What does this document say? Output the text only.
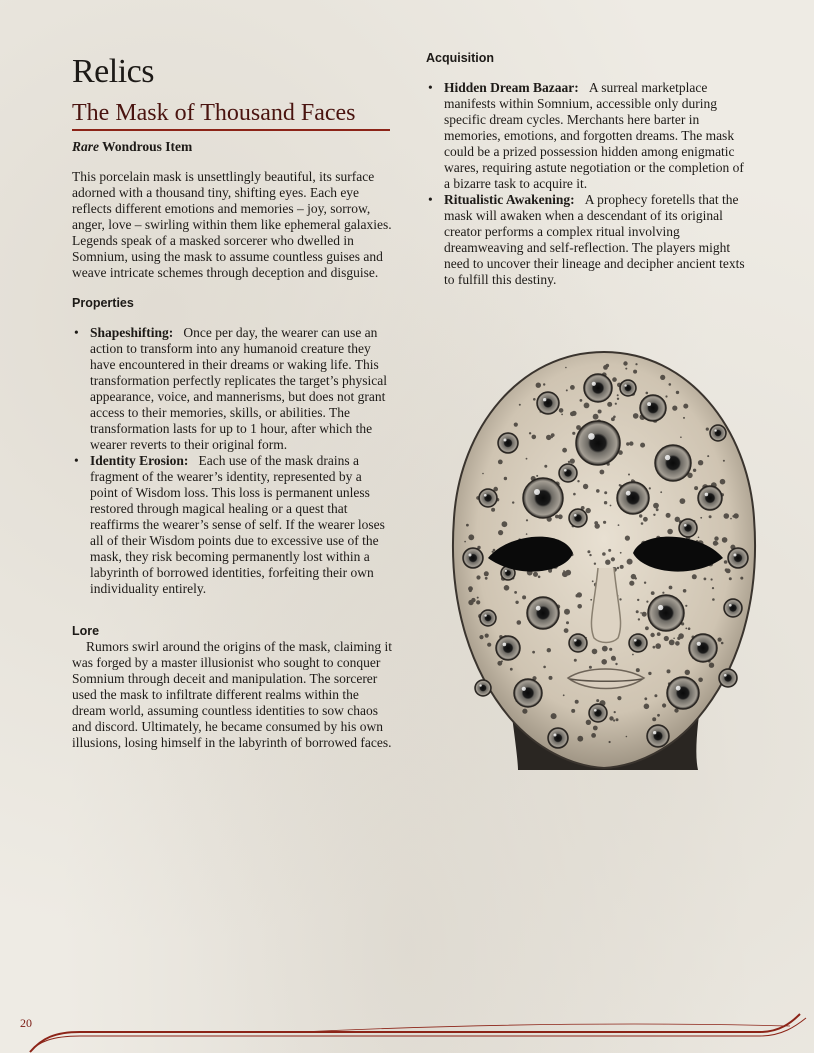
Relics
The Mask of Thousand Faces
Rare Wondrous Item

This porcelain mask is unsettlingly beautiful, its surface adorned with a thousand tiny, shifting eyes. Each eye reflects different emotions and memories – joy, sorrow, anger, love – swirling within them like ephemeral galaxies. Legends speak of a masked sorcerer who dwelled in Somnium, using the mask to assume countless guises and weave intricate schemes through deception and disguise.

Properties
• Shapeshifting: Once per day, the wearer can use an action to transform into any humanoid creature they have encountered in their dreams or waking life. This transformation perfectly replicates the target’s physical appearance, voice, and mannerisms, but does not grant access to their memories, skills, or abilities. The transformation lasts for up to 1 hour, after which the wearer reverts to their original form.
• Identity Erosion: Each use of the mask drains a fragment of the wearer’s identity, represented by a point of Wisdom loss. This loss is permanent unless restored through magical healing or a quest that reaffirms the wearer’s sense of self. If the wearer loses all of their Wisdom points due to excessive use of the mask, they risk becoming permanently lost within a labyrinth of borrowed identities, forfeiting their own individuality entirely.
Lore

Rumors swirl around the origins of the mask, claiming it was forged by a master illusionist who sought to conquer Somnium through deceit and manipulation. The sorcerer used the mask to infiltrate different realms within the dream world, assuming countless identities to sow chaos and discord. Ultimately, he became consumed by his own illusions, losing himself in the labyrinth of borrowed faces.

Acquisition
• Hidden Dream Bazaar: A surreal marketplace manifests within Somnium, accessible only during specific dream cycles. Merchants here barter in memories, emotions, and forgotten dreams. The mask could be a prized possession hidden among enigmatic wares, requiring astute negotiation or the completion of a bizarre task to acquire it.
• Ritualistic Awakening: A prophecy foretells that the mask will awaken when a descendant of its original creator performs a complex ritual involving dreamweaving and self-reflection. The players might need to uncover their lineage and decipher ancient texts to fulfill this destiny.
20
